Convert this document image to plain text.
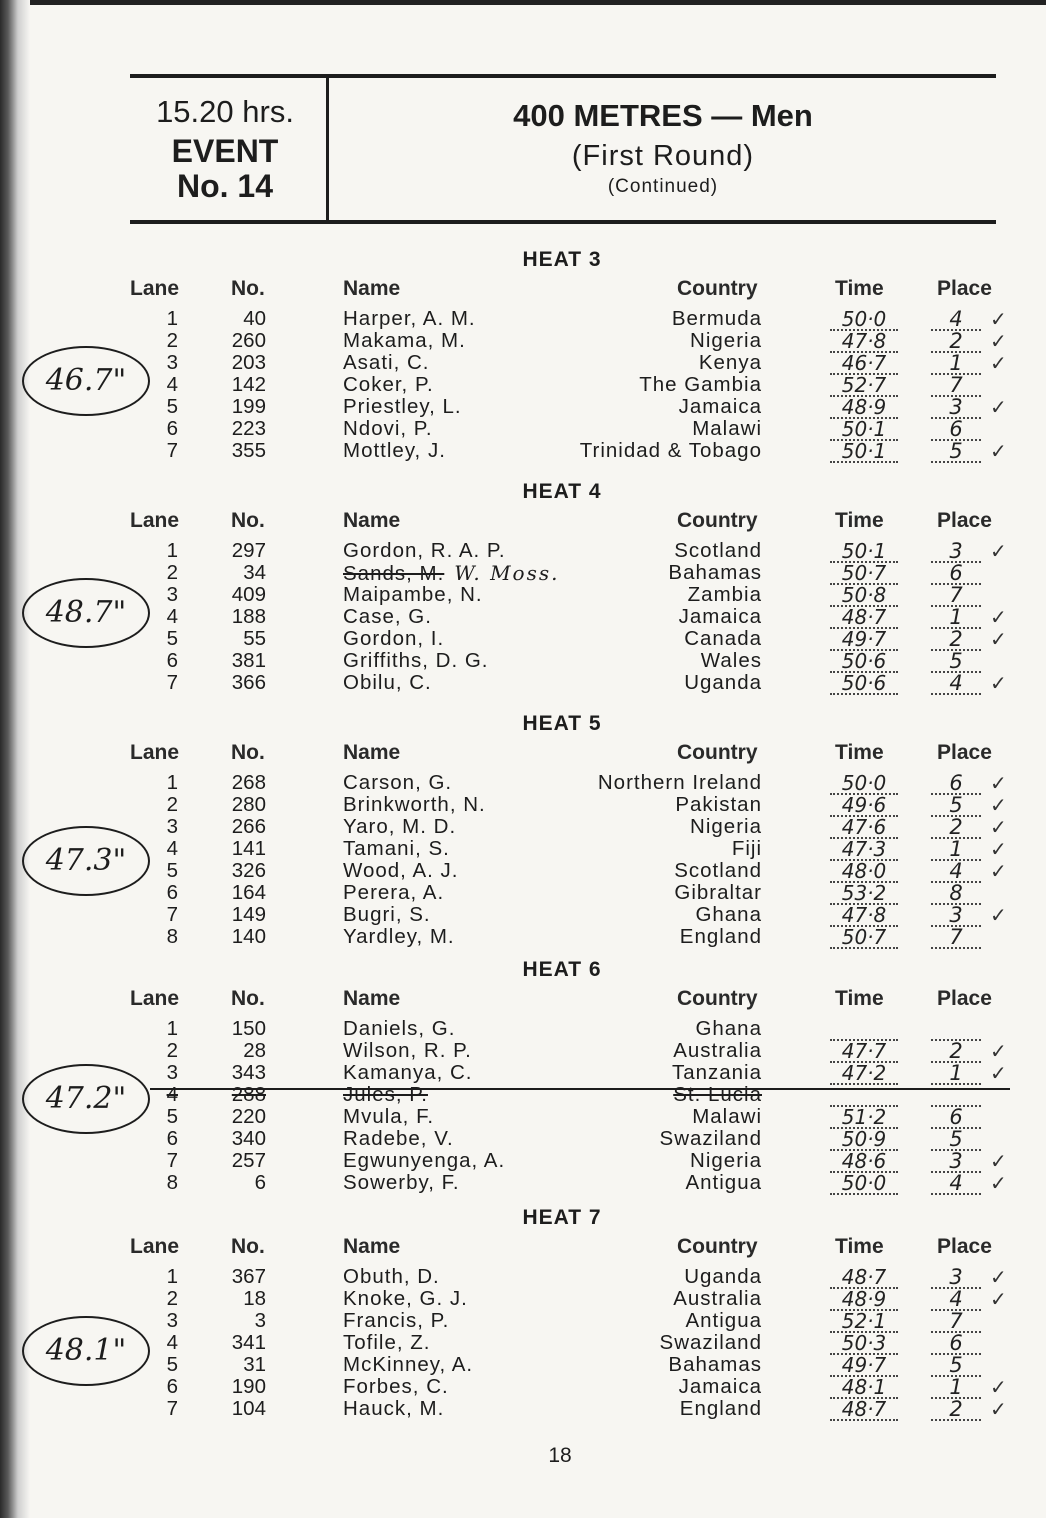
15.20 hrs.
EVENT
No. 14
400 METRES — Men
(First Round)
(Continued)
HEAT 3
Lane No.	Name	Country	Time	Place
1	40	Harper, A. M.	Bermuda	50·0	4	✓
2	260	Makama, M.	Nigeria	47·8	2	✓
3	203	Asati, C.	Kenya	46·7	1	✓
4	142	Coker, P.	The Gambia	52·7	7
5	199	Priestley, L.	Jamaica	48·9	3	✓
6	223	Ndovi, P.	Malawi	50·1	6
7	355	Mottley, J.	Trinidad & Tobago	50·1	5	✓
46.7"
HEAT 4
Lane No.	Name	Country	Time	Place
1	297	Gordon, R. A. P.	Scotland	50·1	3	✓
2	34	Sands, M. W. Moss.	Bahamas	50·7	6
3	409	Maipambe, N.	Zambia	50·8	7
4	188	Case, G.	Jamaica	48·7	1	✓
5	55	Gordon, I.	Canada	49·7	2	✓
6	381	Griffiths, D. G.	Wales	50·6	5
7	366	Obilu, C.	Uganda	50·6	4	✓
48.7"
HEAT 5
Lane No.	Name	Country	Time	Place
1	268	Carson, G.	Northern Ireland	50·0	6	✓
2	280	Brinkworth, N.	Pakistan	49·6	5	✓
3	266	Yaro, M. D.	Nigeria	47·6	2	✓
4	141	Tamani, S.	Fiji	47·3	1	✓
5	326	Wood, A. J.	Scotland	48·0	4	✓
6	164	Perera, A.	Gibraltar	53·2	8
7	149	Bugri, S.	Ghana	47·8	3	✓
8	140	Yardley, M.	England	50·7	7
47.3"
HEAT 6
Lane No.	Name	Country	Time	Place
1	150	Daniels, G.	Ghana
2	28	Wilson, R. P.	Australia	47·7	2	✓
3	343	Kamanya, C.	Tanzania	47·2	1	✓
4	288	Jules, P.	St. Lucia
5	220	Mvula, F.	Malawi	51·2	6
6	340	Radebe, V.	Swaziland	50·9	5
7	257	Egwunyenga, A.	Nigeria	48·6	3	✓
8	6	Sowerby, F.	Antigua	50·0	4	✓
47.2"
HEAT 7
Lane No.	Name	Country	Time	Place
1	367	Obuth, D.	Uganda	48·7	3	✓
2	18	Knoke, G. J.	Australia	48·9	4	✓
3	3	Francis, P.	Antigua	52·1	7
4	341	Tofile, Z.	Swaziland	50·3	6
5	31	McKinney, A.	Bahamas	49·7	5
6	190	Forbes, C.	Jamaica	48·1	1	✓
7	104	Hauck, M.	England	48·7	2	✓
48.1"
18
